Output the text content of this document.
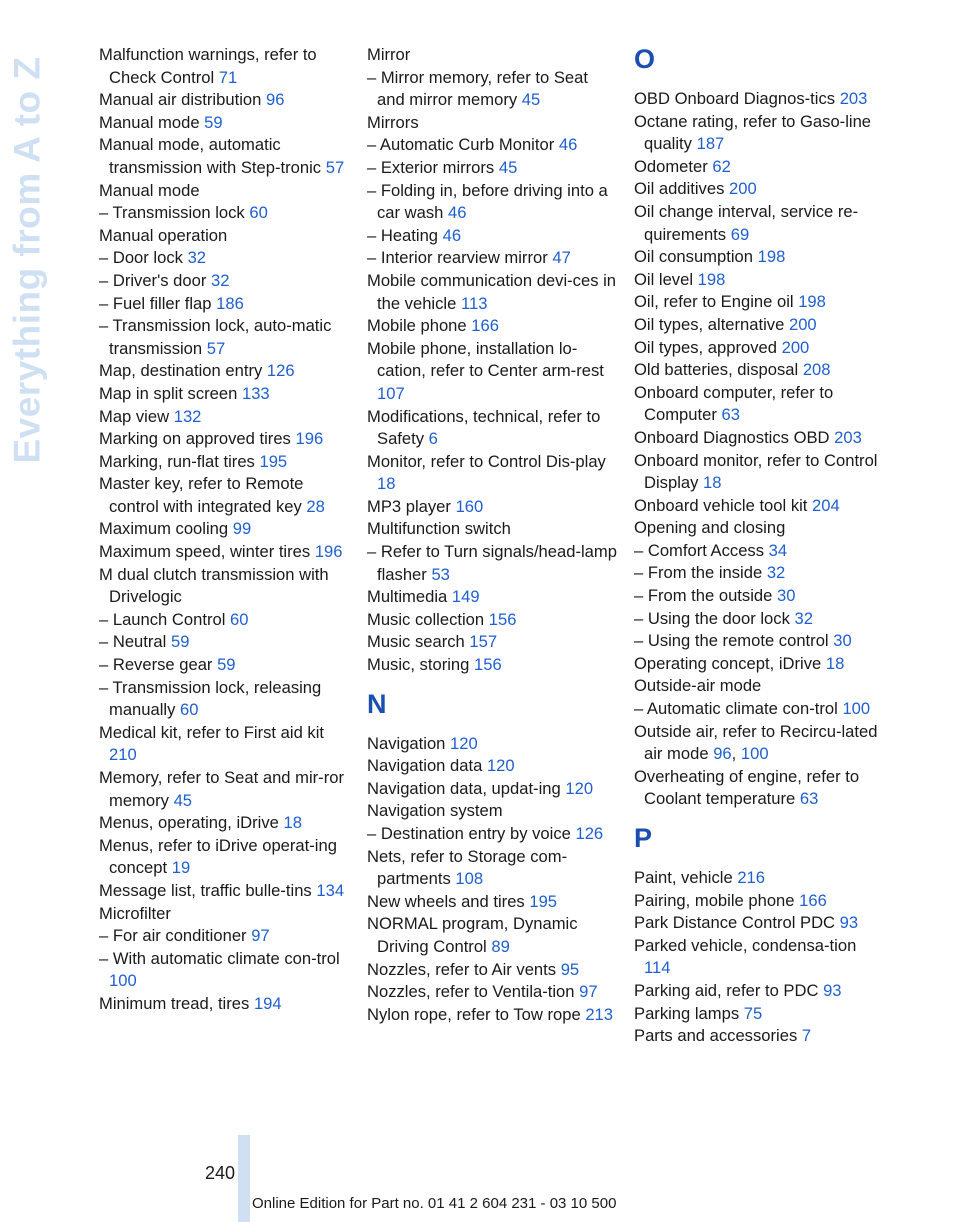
Everything from A to Z
Malfunction warnings, refer to Check Control 71
Manual air distribution 96
Manual mode 59
Manual mode, automatic transmission with Step-tronic 57
Manual mode
– Transmission lock 60
Manual operation
– Door lock 32
– Driver's door 32
– Fuel filler flap 186
– Transmission lock, auto-matic transmission 57
Map, destination entry 126
Map in split screen 133
Map view 132
Marking on approved tires 196
Marking, run-flat tires 195
Master key, refer to Remote control with integrated key 28
Maximum cooling 99
Maximum speed, winter tires 196
M dual clutch transmission with Drivelogic
– Launch Control 60
– Neutral 59
– Reverse gear 59
– Transmission lock, releasing manually 60
Medical kit, refer to First aid kit 210
Memory, refer to Seat and mir-ror memory 45
Menus, operating, iDrive 18
Menus, refer to iDrive operat-ing concept 19
Message list, traffic bulle-tins 134
Microfilter
– For air conditioner 97
– With automatic climate con-trol 100
Minimum tread, tires 194
Mirror
– Mirror memory, refer to Seat and mirror memory 45
Mirrors
– Automatic Curb Monitor 46
– Exterior mirrors 45
– Folding in, before driving into a car wash 46
– Heating 46
– Interior rearview mirror 47
Mobile communication devi-ces in the vehicle 113
Mobile phone 166
Mobile phone, installation lo-cation, refer to Center arm-rest 107
Modifications, technical, refer to Safety 6
Monitor, refer to Control Dis-play 18
MP3 player 160
Multifunction switch
– Refer to Turn signals/head-lamp flasher 53
Multimedia 149
Music collection 156
Music search 157
Music, storing 156
N
Navigation 120
Navigation data 120
Navigation data, updat-ing 120
Navigation system
– Destination entry by voice 126
Nets, refer to Storage com-partments 108
New wheels and tires 195
NORMAL program, Dynamic Driving Control 89
Nozzles, refer to Air vents 95
Nozzles, refer to Ventila-tion 97
Nylon rope, refer to Tow rope 213
O
OBD Onboard Diagnos-tics 203
Octane rating, refer to Gaso-line quality 187
Odometer 62
Oil additives 200
Oil change interval, service re-quirements 69
Oil consumption 198
Oil level 198
Oil, refer to Engine oil 198
Oil types, alternative 200
Oil types, approved 200
Old batteries, disposal 208
Onboard computer, refer to Computer 63
Onboard Diagnostics OBD 203
Onboard monitor, refer to Control Display 18
Onboard vehicle tool kit 204
Opening and closing
– Comfort Access 34
– From the inside 32
– From the outside 30
– Using the door lock 32
– Using the remote control 30
Operating concept, iDrive 18
Outside-air mode
– Automatic climate con-trol 100
Outside air, refer to Recircu-lated air mode 96, 100
Overheating of engine, refer to Coolant temperature 63
P
Paint, vehicle 216
Pairing, mobile phone 166
Park Distance Control PDC 93
Parked vehicle, condensa-tion 114
Parking aid, refer to PDC 93
Parking lamps 75
Parts and accessories 7
240
Online Edition for Part no. 01 41 2 604 231 - 03 10 500
